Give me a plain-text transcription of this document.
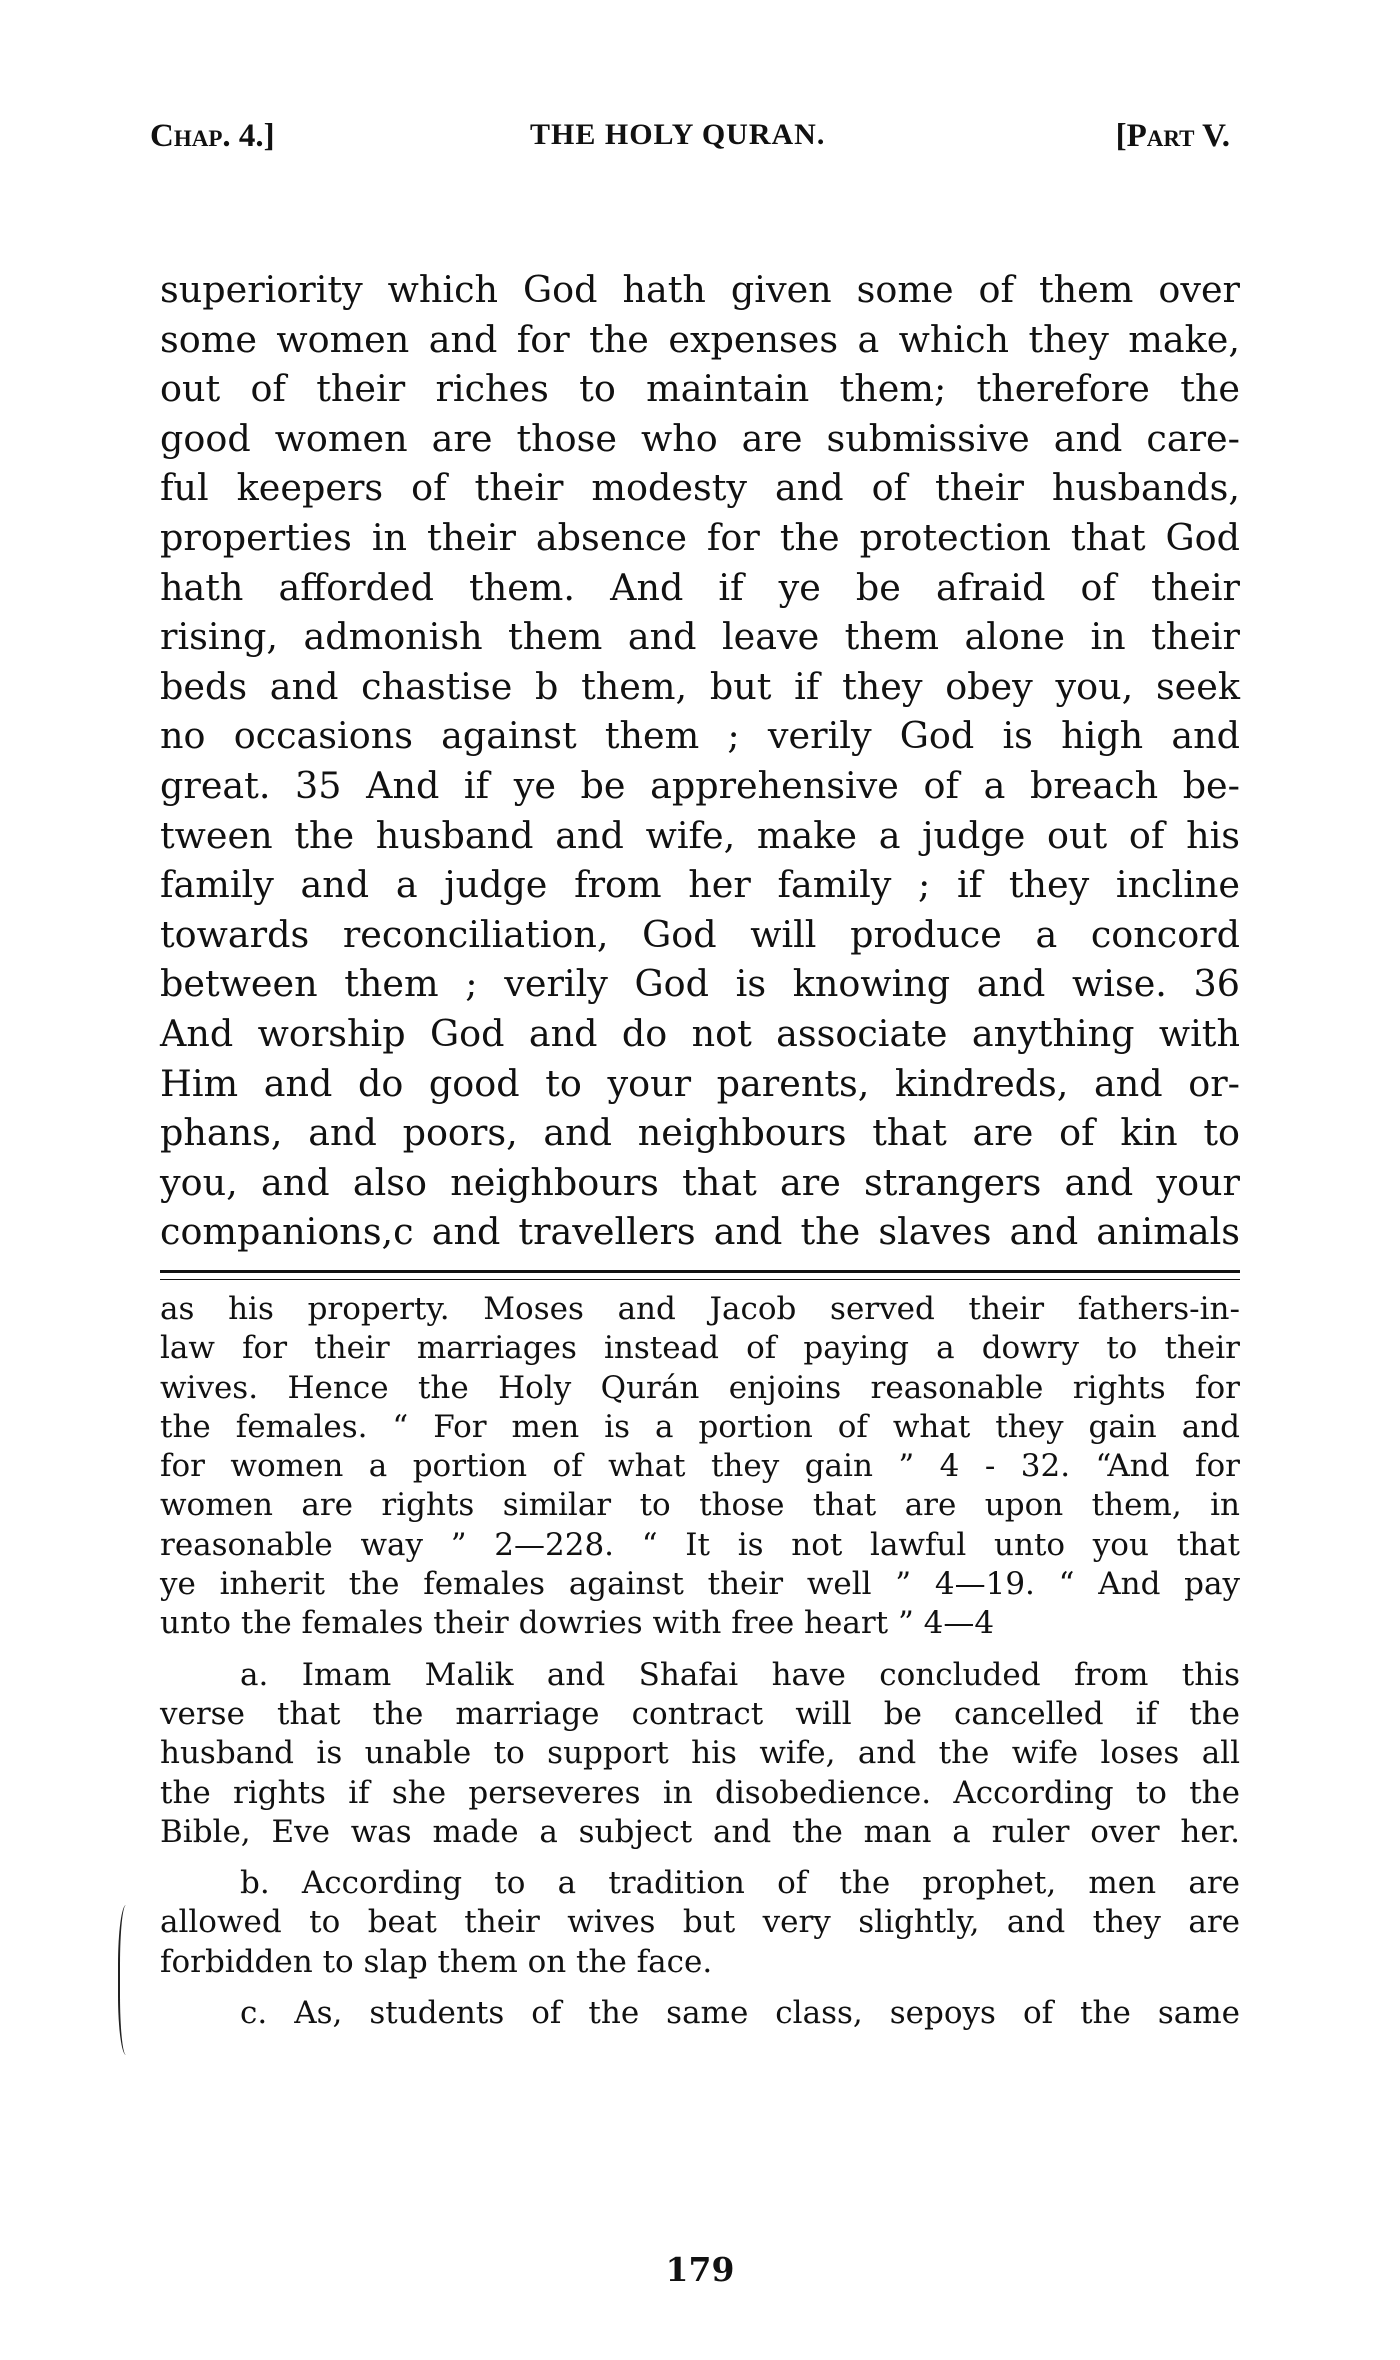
Chap. 4.]	THE HOLY QURAN.	[Part V.
superiority which God hath given some of them over
some women and for the expenses a which they make,
out of their riches to maintain them; therefore the
good women are those who are submissive and care-
ful keepers of their modesty and of their husbands,
properties in their absence for the protection that God
hath afforded them. And if ye be afraid of their
rising, admonish them and leave them alone in their
beds and chastise b them, but if they obey you, seek
no occasions against them ; verily God is high and
great. 35 And if ye be apprehensive of a breach be-
tween the husband and wife, make a judge out of his
family and a judge from her family ; if they incline
towards reconciliation, God will produce a concord
between them ; verily God is knowing and wise. 36
And worship God and do not associate anything with
Him and do good to your parents, kindreds, and or-
phans, and poors, and neighbours that are of kin to
you, and also neighbours that are strangers and your
companions,c and travellers and the slaves and animals
as his property. Moses and Jacob served their fathers-in-
law for their marriages instead of paying a dowry to their
wives. Hence the Holy Qurán enjoins reasonable rights for
the females. “ For men is a portion of what they gain and
for women a portion of what they gain ” 4 - 32. “And for
women are rights similar to those that are upon them, in
reasonable way ” 2—228. “ It is not lawful unto you that
ye inherit the females against their well ” 4—19. “ And pay
unto the females their dowries with free heart ” 4—4
a. Imam Malik and Shafai have concluded from this
verse that the marriage contract will be cancelled if the
husband is unable to support his wife, and the wife loses all
the rights if she perseveres in disobedience. According to the
Bible, Eve was made a subject and the man a ruler over her.
b. According to a tradition of the prophet, men are
allowed to beat their wives but very slightly, and they are
forbidden to slap them on the face.
c. As, students of the same class, sepoys of the same
179
